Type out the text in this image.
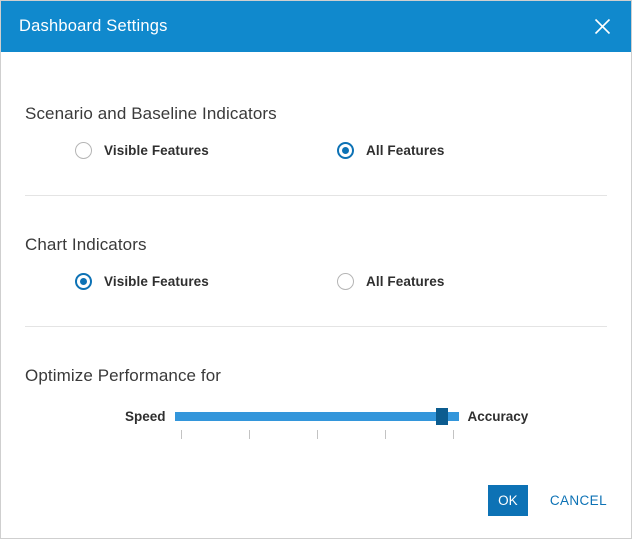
Dashboard Settings
Scenario and Baseline Indicators
Visible Features	All Features
Chart Indicators
Visible Features	All Features
Optimize Performance for
Speed	Accuracy
OK	CANCEL
